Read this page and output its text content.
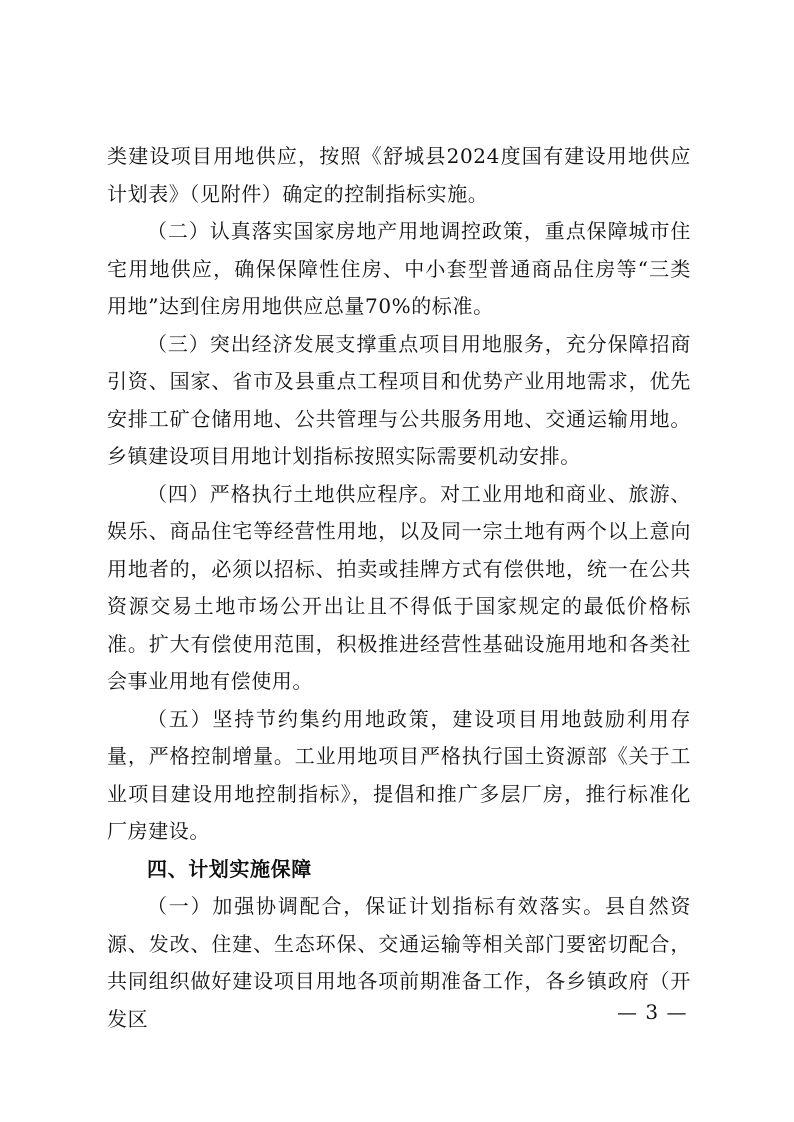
类建设项目用地供应，按照《舒城县2024度国有建设用地供应计划表》（见附件）确定的控制指标实施。

（二）认真落实国家房地产用地调控政策，重点保障城市住宅用地供应，确保保障性住房、中小套型普通商品住房等“三类用地”达到住房用地供应总量70%的标准。

（三）突出经济发展支撑重点项目用地服务，充分保障招商引资、国家、省市及县重点工程项目和优势产业用地需求，优先安排工矿仓储用地、公共管理与公共服务用地、交通运输用地。乡镇建设项目用地计划指标按照实际需要机动安排。

（四）严格执行土地供应程序。对工业用地和商业、旅游、娱乐、商品住宅等经营性用地，以及同一宗土地有两个以上意向用地者的，必须以招标、拍卖或挂牌方式有偿供地，统一在公共资源交易土地市场公开出让且不得低于国家规定的最低价格标准。扩大有偿使用范围，积极推进经营性基础设施用地和各类社会事业用地有偿使用。

（五）坚持节约集约用地政策，建设项目用地鼓励利用存量，严格控制增量。工业用地项目严格执行国土资源部《关于工业项目建设用地控制指标》，提倡和推广多层厂房，推行标准化厂房建设。

四、计划实施保障

（一）加强协调配合，保证计划指标有效落实。县自然资源、发改、住建、生态环保、交通运输等相关部门要密切配合，共同组织做好建设项目用地各项前期准备工作，各乡镇政府（开发区	— 3 —
